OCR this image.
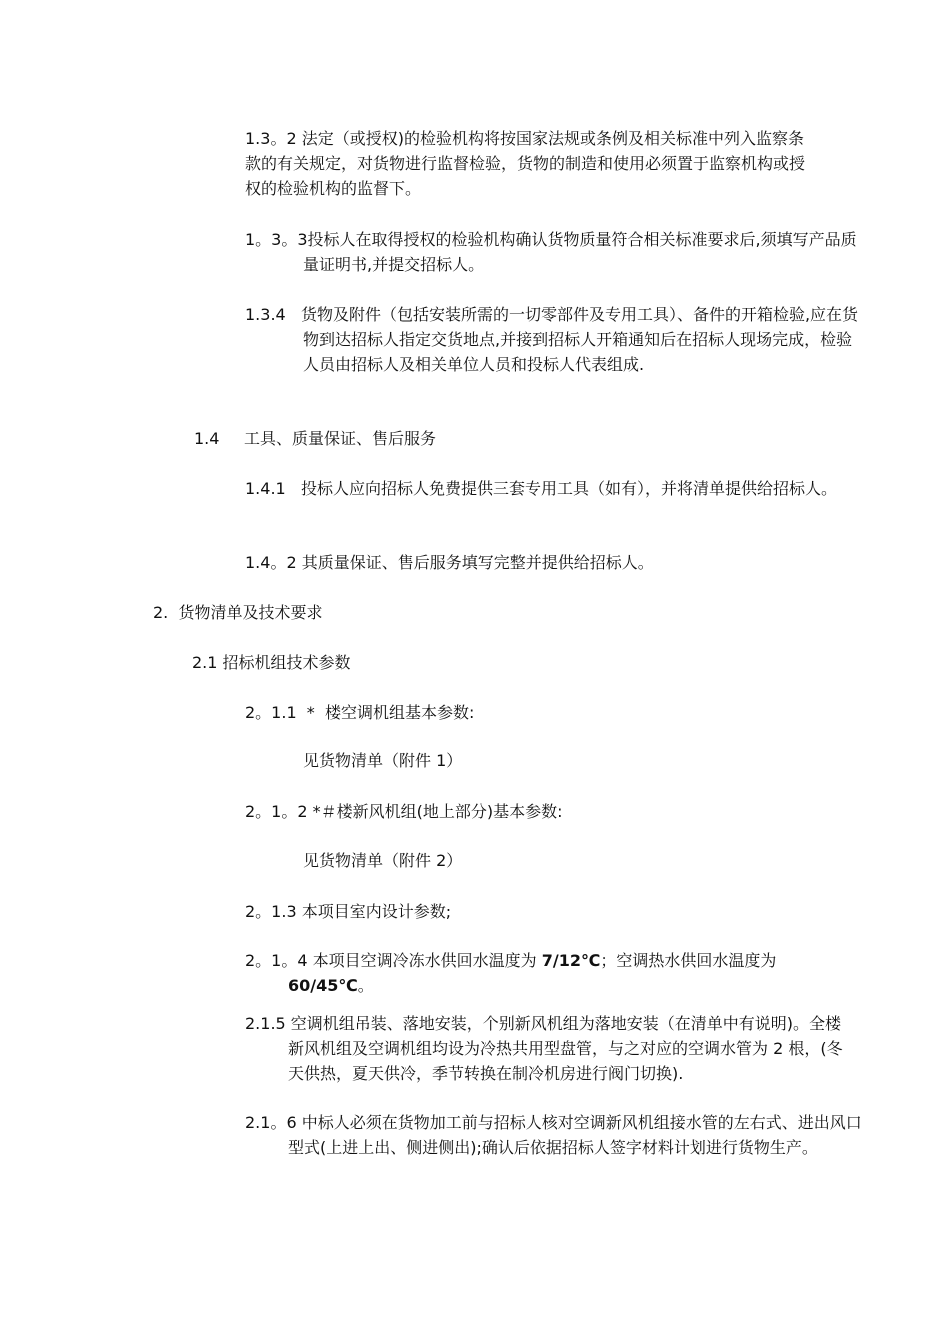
1.3。2 法定（或授权)的检验机构将按国家法规或条例及相关标准中列入监察条款的有关规定，对货物进行监督检验，货物的制造和使用必须置于监察机构或授权的检验机构的监督下。

1。3。3投标人在取得授权的检验机构确认货物质量符合相关标准要求后,须填写产品质量证明书,并提交招标人。

1.3.4   货物及附件（包括安装所需的一切零部件及专用工具）、备件的开箱检验,应在货物到达招标人指定交货地点,并接到招标人开箱通知后在招标人现场完成，检验人员由招标人及相关单位人员和投标人代表组成.

1.4 工具、质量保证、售后服务

1.4.1   投标人应向招标人免费提供三套专用工具（如有），并将清单提供给招标人。

1.4。2 其质量保证、售后服务填写完整并提供给招标人。

2.  货物清单及技术要求
2.1 招标机组技术参数
2。1.1  *  楼空调机组基本参数:
见货物清单（附件 1）
2。1。2 *＃楼新风机组(地上部分)基本参数:
见货物清单（附件 2）
2。1.3 本项目室内设计参数;

2。1。4 本项目空调冷冻水供回水温度为 7/12℃；空调热水供回水温度为
60/45℃。

2.1.5 空调机组吊装、落地安装，个别新风机组为落地安装（在清单中有说明)。全楼新风机组及空调机组均设为冷热共用型盘管，与之对应的空调水管为 2 根，(冬天供热，夏天供冷，季节转换在制冷机房进行阀门切换).

2.1。6 中标人必须在货物加工前与招标人核对空调新风机组接水管的左右式、进出风口型式(上进上出、侧进侧出);确认后依据招标人签字材料计划进行货物生产。
